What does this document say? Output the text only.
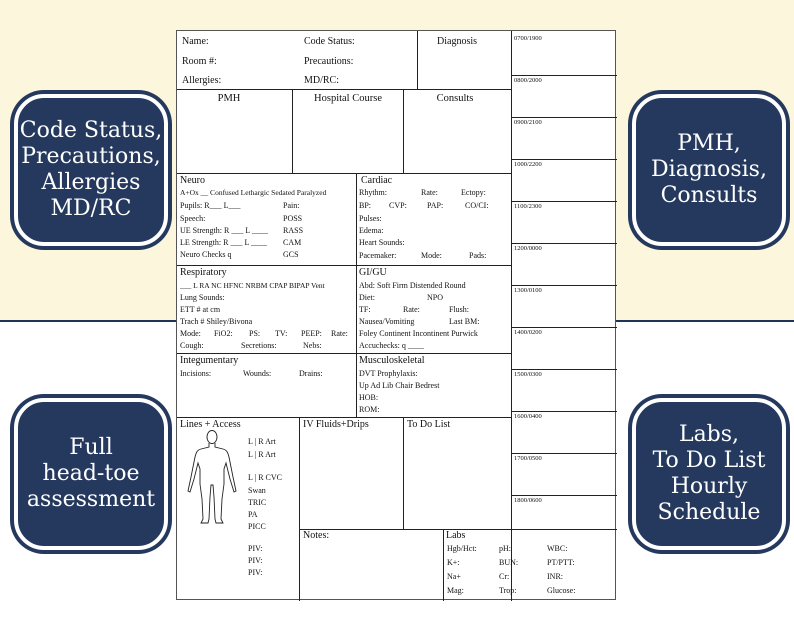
Code Status,
Precautions,
Allergies
MD/RC
PMH,
Diagnosis,
Consults
Full
head-toe
assessment
Labs,
To Do List
Hourly
Schedule
Name:	Code Status:	Diagnosis
Room #:	Precautions:
Allergies:	MD/RC:
PMH	Hospital Course	Consults
Neuro
A+Ox __ Confused Lethargic Sedated Paralyzed
Pupils: R___ L___
Speech:
UE Strength: R ___ L ____
LE Strength: R ___ L ____
Neuro Checks q
Pain:
POSS
RASS
CAM
GCS
Cardiac
Rhythm:	Rate:	Ectopy:
BP: CVP:	PAP:	CO/CI:
Pulses:
Edema:
Heart Sounds:
Pacemaker:	Mode:	Pads:
Respiratory
___ L RA NC HFNC NRBM CPAP BIPAP Vent
Lung Sounds:
ETT # at cm
Trach # Shiley/Bivona
Mode: FiO2: PS: TV: PEEP: Rate:
Cough:	Secretions:	Nebs:
GI/GU
Abd: Soft Firm Distended Round
Diet:	NPO
TF:	Rate:	Flush:
Nausea/Vomiting	Last BM:
Foley Continent Incontinent Purwick
Accuchecks: q ____
Integumentary
Incisions:	Wounds:	Drains:
Musculoskeletal
DVT Prophylaxis:
Up Ad Lib Chair Bedrest
HOB:
ROM:
Lines + Access
L | R Art
L | R Art
L | R CVC
Swan
TRIC
PA
PICC
PIV:
PIV:
PIV:
IV Fluids+Drips	To Do List
Notes:	Labs
Hgb/Hct:	pH:	WBC:
K+:	BUN:	PT/PTT:
Na+	Cr:	INR:
Mag:	Trop:	Glucose:
0700/1900
0800/2000
0900/2100
1000/2200
1100/2300
1200/0000
1300/0100
1400/0200
1500/0300
1600/0400
1700/0500
1800/0600
